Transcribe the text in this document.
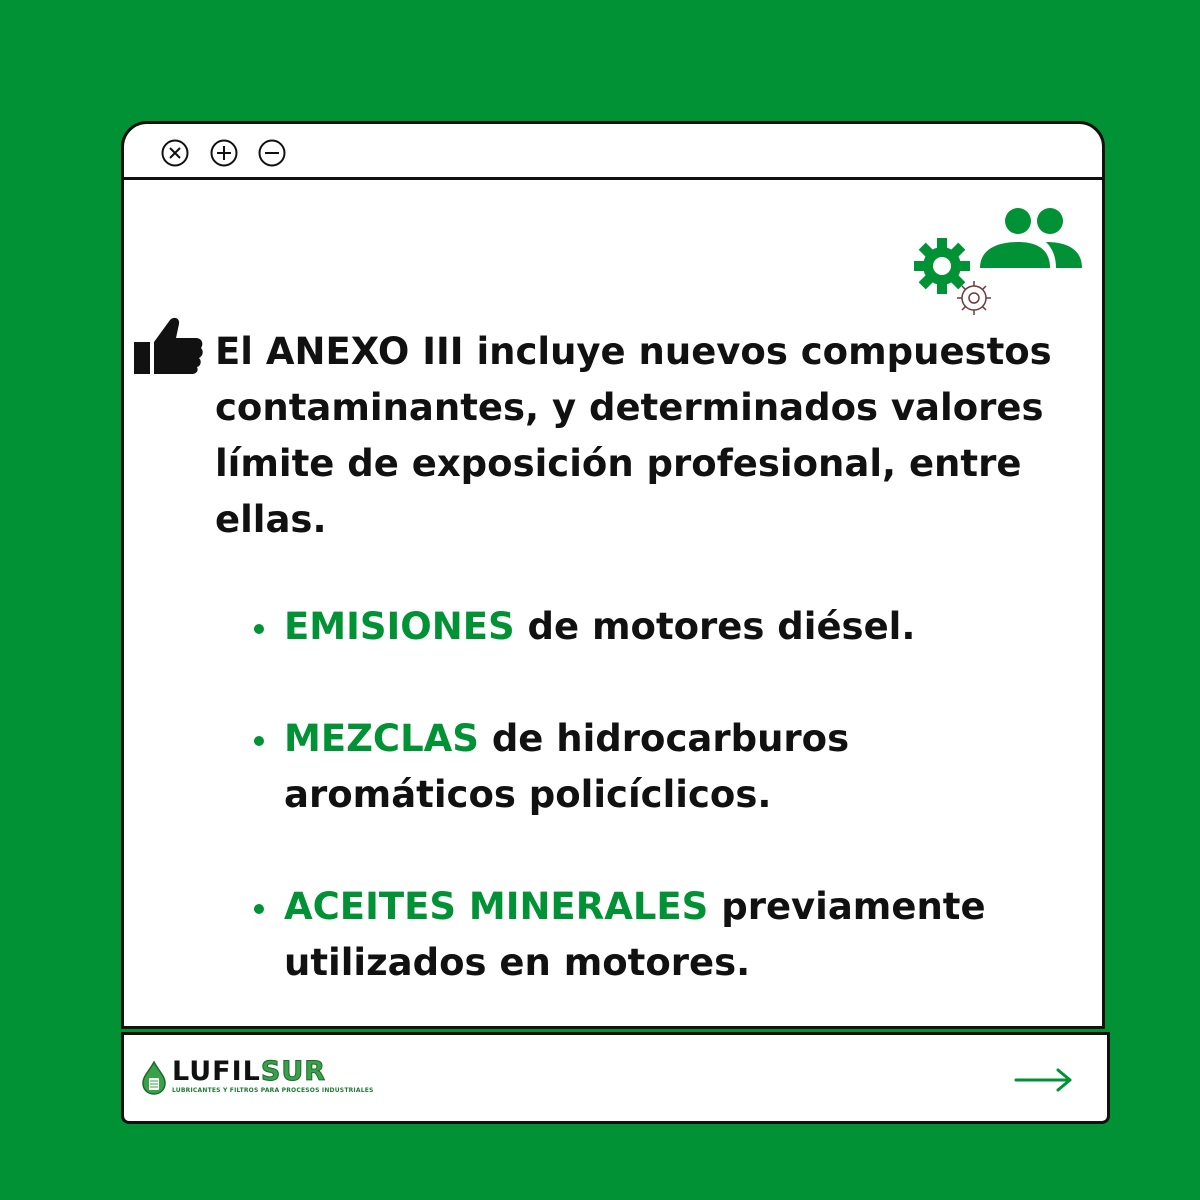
El ANEXO III incluye nuevos compuestos contaminantes, y determinados valores límite de exposición profesional, entre ellas.

EMISIONES de motores diésel.
MEZCLAS de hidrocarburos aromáticos policíclicos.
ACEITES MINERALES previamente utilizados en motores.
LUFILSUR
LUBRICANTES Y FILTROS PARA PROCESOS INDUSTRIALES
